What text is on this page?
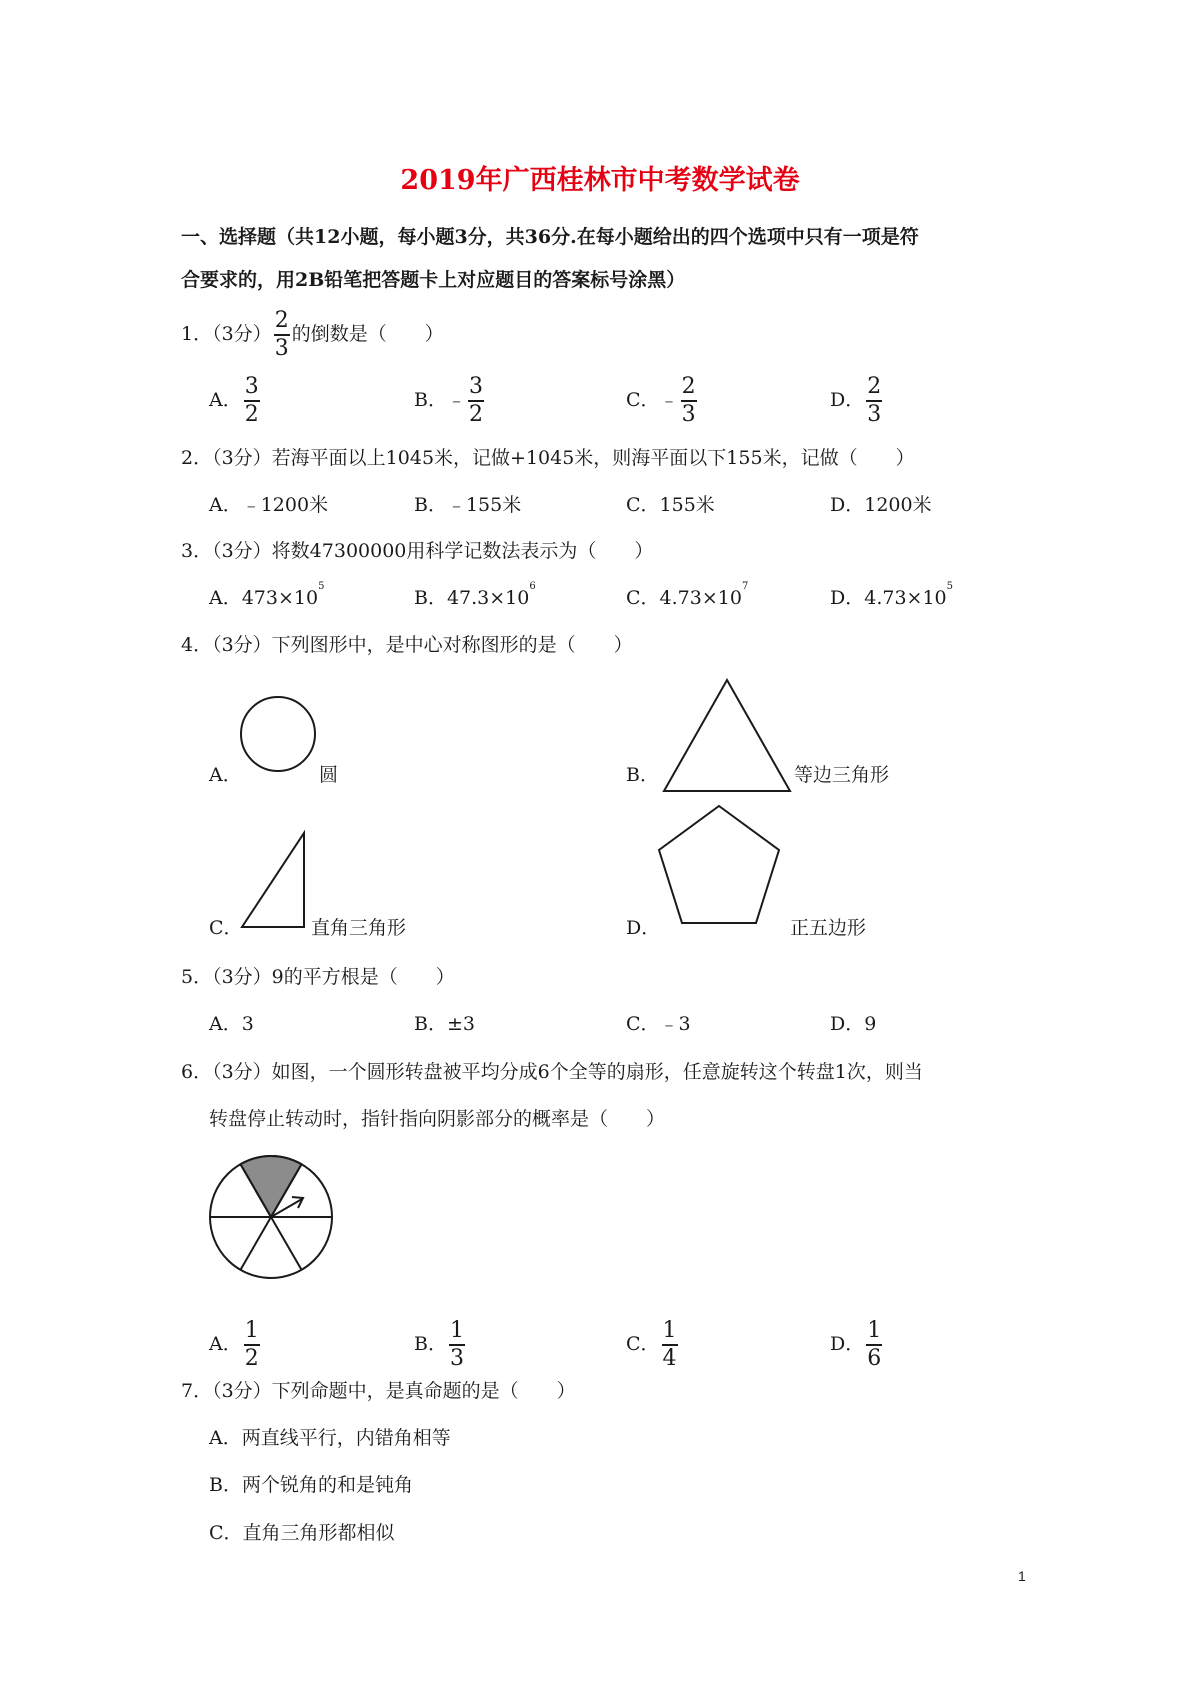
2019年广西桂林市中考数学试卷
一、选择题（共12小题，每小题3分，共36分.在每小题给出的四个选项中只有一项是符
合要求的，用2B铅笔把答题卡上对应题目的答案标号涂黑）
1．（3分） $\frac{2}{3}$ 的倒数是（　　）
A． $\frac{3}{2}$	B．﹣ $\frac{3}{2}$	C．﹣ $\frac{2}{3}$	D． $\frac{2}{3}$
2．（3分）若海平面以上1045米，记做+1045米，则海平面以下155米，记做（　　）
A．﹣1200米	B．﹣155米	C．155米	D．1200米
3．（3分）将数47300000用科学记数法表示为（　　）
A．$473\times 10^5$
B．$47.3\times 10^6$
C．$4.73\times 10^7$
D．$4.73\times 10^5$
4．（3分）下列图形中，是中心对称图形的是（　　）
A．	圆	B．	等边三角形
C．	直角三角形	D．	正五边形
5．（3分）9的平方根是（　　）
A．3	B．±3	C．﹣3	D．9
6．（3分）如图，一个圆形转盘被平均分成6个全等的扇形，任意旋转这个转盘1次，则当
转盘停止转动时，指针指向阴影部分的概率是（　　）
A． $\frac{1}{2}$	B． $\frac{1}{3}$	C． $\frac{1}{4}$	D． $\frac{1}{6}$
7．（3分）下列命题中，是真命题的是（　　）
A．两直线平行，内错角相等
B．两个锐角的和是钝角
C．直角三角形都相似
1
